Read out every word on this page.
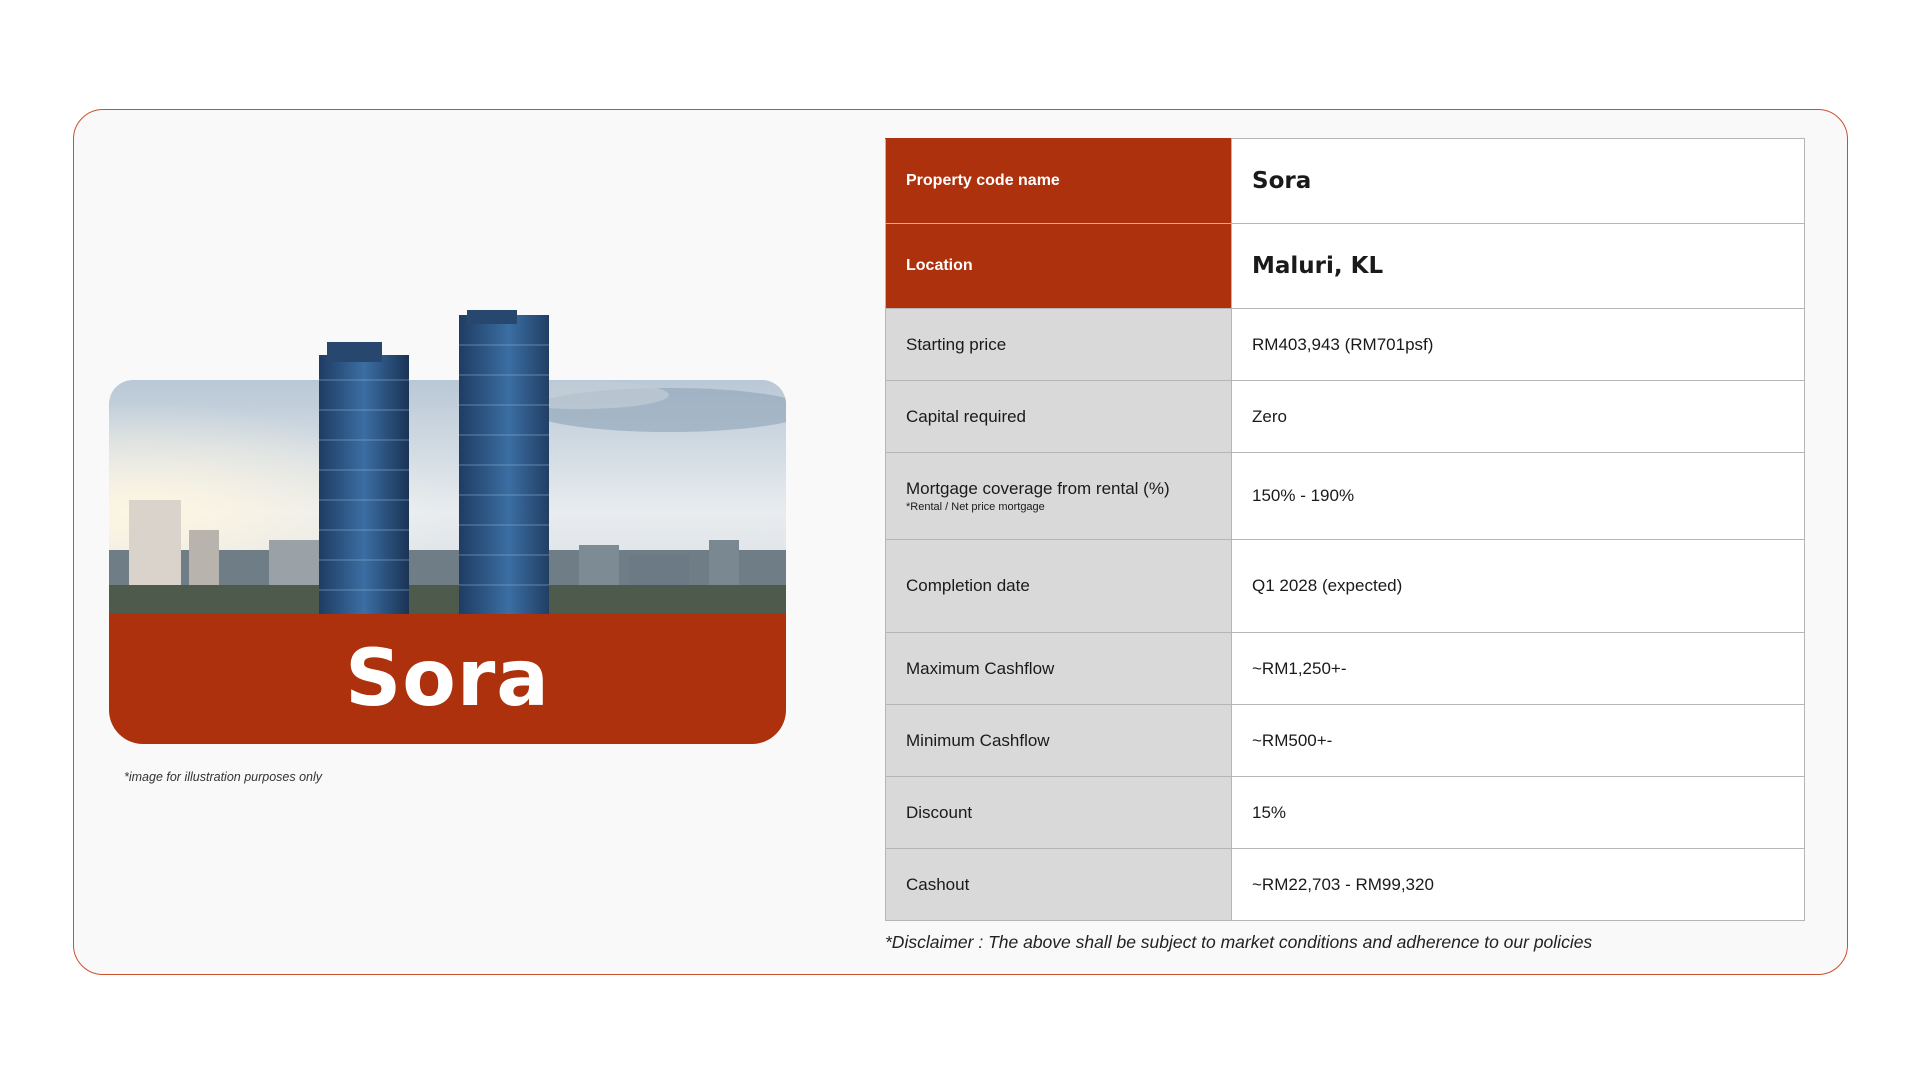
Sora
*image for illustration purposes only
Property code name	Sora
Location	Maluri, KL
Starting price	RM403,943 (RM701psf)
Capital required	Zero
Mortgage coverage from rental (%)
*Rental / Net price mortgage	150% - 190%
Completion date	Q1 2028 (expected)
Maximum Cashflow	~RM1,250+-
Minimum Cashflow	~RM500+-
Discount	15%
Cashout	~RM22,703 - RM99,320
*Disclaimer : The above shall be subject to market conditions and adherence to our policies
